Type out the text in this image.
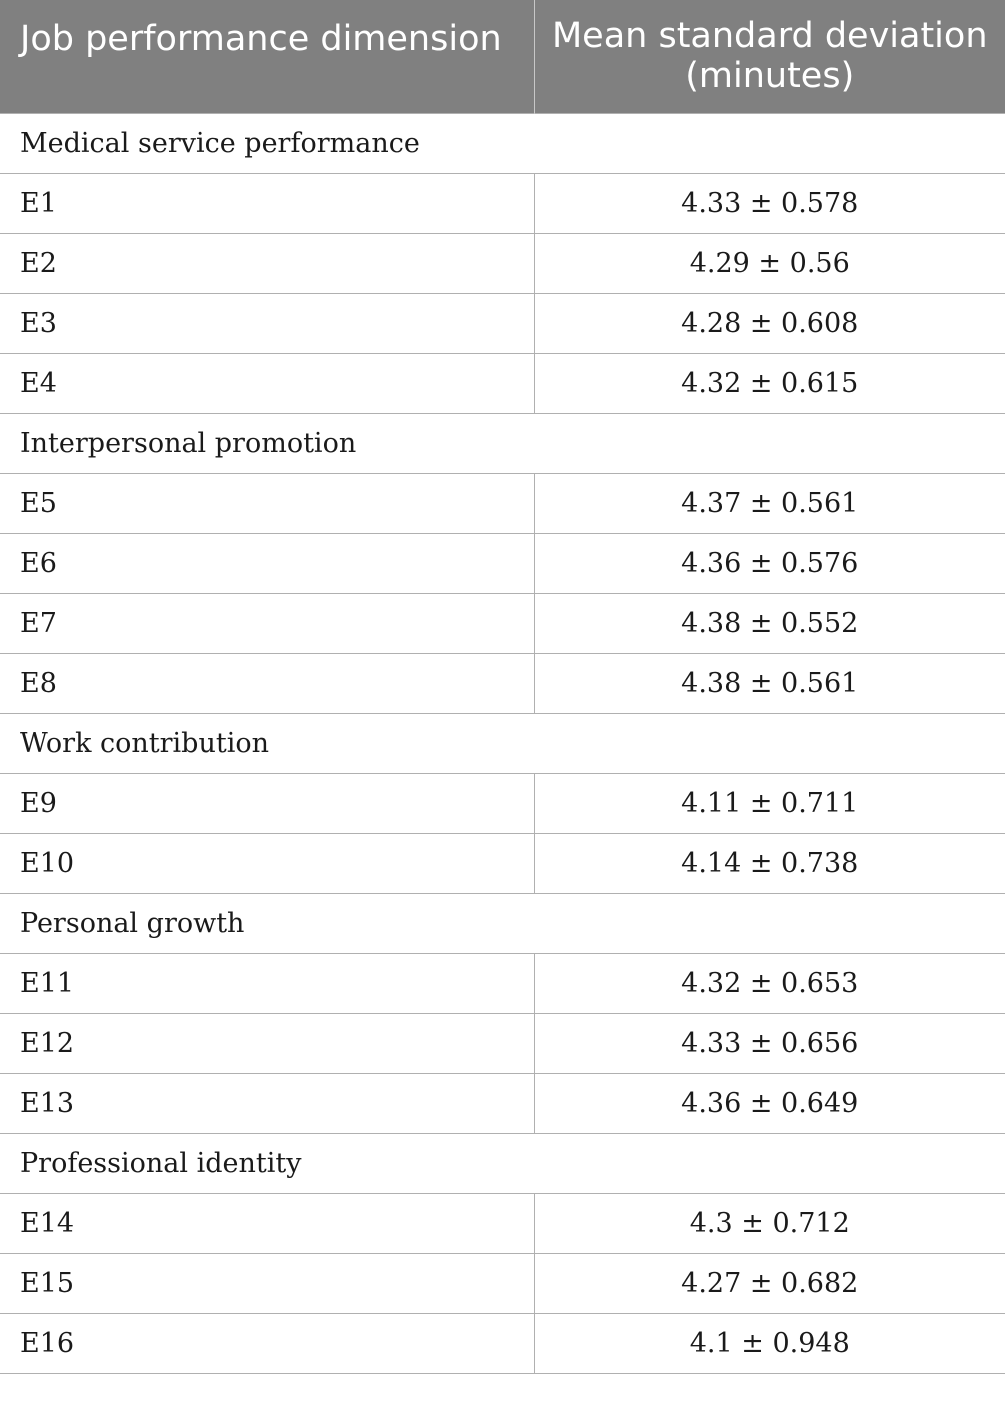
Job performance dimension	Mean standard deviation (minutes)
Medical service performance	
E1	4.33 ± 0.578
E2	4.29 ± 0.56
E3	4.28 ± 0.608
E4	4.32 ± 0.615
Interpersonal promotion	
E5	4.37 ± 0.561
E6	4.36 ± 0.576
E7	4.38 ± 0.552
E8	4.38 ± 0.561
Work contribution	
E9	4.11 ± 0.711
E10	4.14 ± 0.738
Personal growth	
E11	4.32 ± 0.653
E12	4.33 ± 0.656
E13	4.36 ± 0.649
Professional identity	
E14	4.3 ± 0.712
E15	4.27 ± 0.682
E16	4.1 ± 0.948
